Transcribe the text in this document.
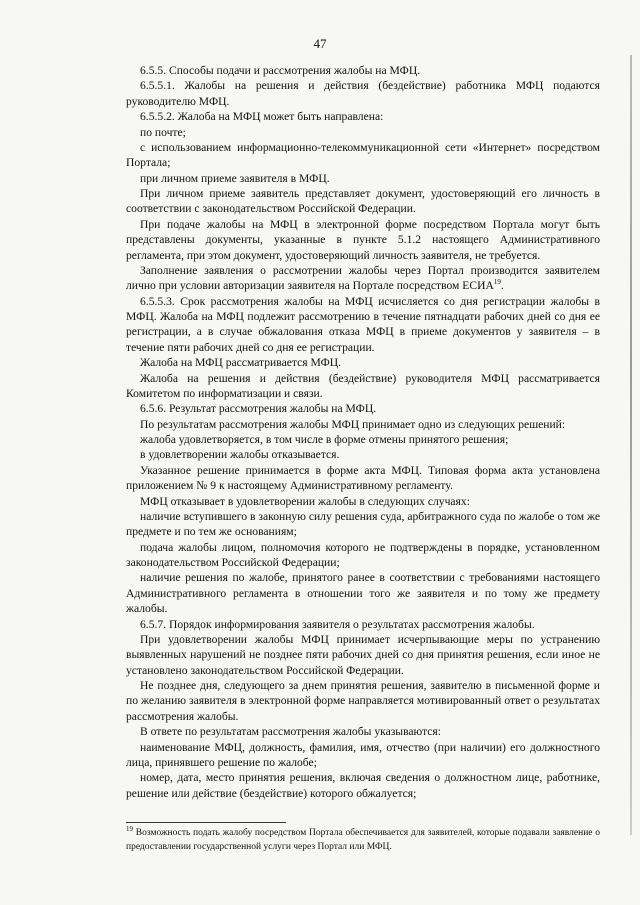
47

6.5.5. Способы подачи и рассмотрения жалобы на МФЦ.

6.5.5.1. Жалобы на решения и действия (бездействие) работника МФЦ подаются руководителю МФЦ.

6.5.5.2. Жалоба на МФЦ может быть направлена:

по почте;

с использованием информационно-телекоммуникационной сети «Интернет» посредством Портала;

при личном приеме заявителя в МФЦ.

При личном приеме заявитель представляет документ, удостоверяющий его личность в соответствии с законодательством Российской Федерации.

При подаче жалобы на МФЦ в электронной форме посредством Портала могут быть представлены документы, указанные в пункте 5.1.2 настоящего Административного регламента, при этом документ, удостоверяющий личность заявителя, не требуется.

Заполнение заявления о рассмотрении жалобы через Портал производится заявителем лично при условии авторизации заявителя на Портале посредством ЕСИА$^{19}$.

6.5.5.3. Срок рассмотрения жалобы на МФЦ исчисляется со дня регистрации жалобы в МФЦ. Жалоба на МФЦ подлежит рассмотрению в течение пятнадцати рабочих дней со дня ее регистрации, а в случае обжалования отказа МФЦ в приеме документов у заявителя – в течение пяти рабочих дней со дня ее регистрации.

Жалоба на МФЦ рассматривается МФЦ.

Жалоба на решения и действия (бездействие) руководителя МФЦ рассматривается Комитетом по информатизации и связи.

6.5.6. Результат рассмотрения жалобы на МФЦ.

По результатам рассмотрения жалобы МФЦ принимает одно из следующих решений:

жалоба удовлетворяется, в том числе в форме отмены принятого решения;

в удовлетворении жалобы отказывается.

Указанное решение принимается в форме акта МФЦ. Типовая форма акта установлена приложением № 9 к настоящему Административному регламенту.

МФЦ отказывает в удовлетворении жалобы в следующих случаях:

наличие вступившего в законную силу решения суда, арбитражного суда по жалобе о том же предмете и по тем же основаниям;

подача жалобы лицом, полномочия которого не подтверждены в порядке, установленном законодательством Российской Федерации;

наличие решения по жалобе, принятого ранее в соответствии с требованиями настоящего Административного регламента в отношении того же заявителя и по тому же предмету жалобы.

6.5.7. Порядок информирования заявителя о результатах рассмотрения жалобы.

При удовлетворении жалобы МФЦ принимает исчерпывающие меры по устранению выявленных нарушений не позднее пяти рабочих дней со дня принятия решения, если иное не установлено законодательством Российской Федерации.

Не позднее дня, следующего за днем принятия решения, заявителю в письменной форме и по желанию заявителя в электронной форме направляется мотивированный ответ о результатах рассмотрения жалобы.

В ответе по результатам рассмотрения жалобы указываются:

наименование МФЦ, должность, фамилия, имя, отчество (при наличии) его должностного лица, принявшего решение по жалобе;

номер, дата, место принятия решения, включая сведения о должностном лице, работнике, решение или действие (бездействие) которого обжалуется;

$^{19}$ Возможность подать жалобу посредством Портала обеспечивается для заявителей, которые подавали заявление о предоставлении государственной услуги через Портал или МФЦ.
